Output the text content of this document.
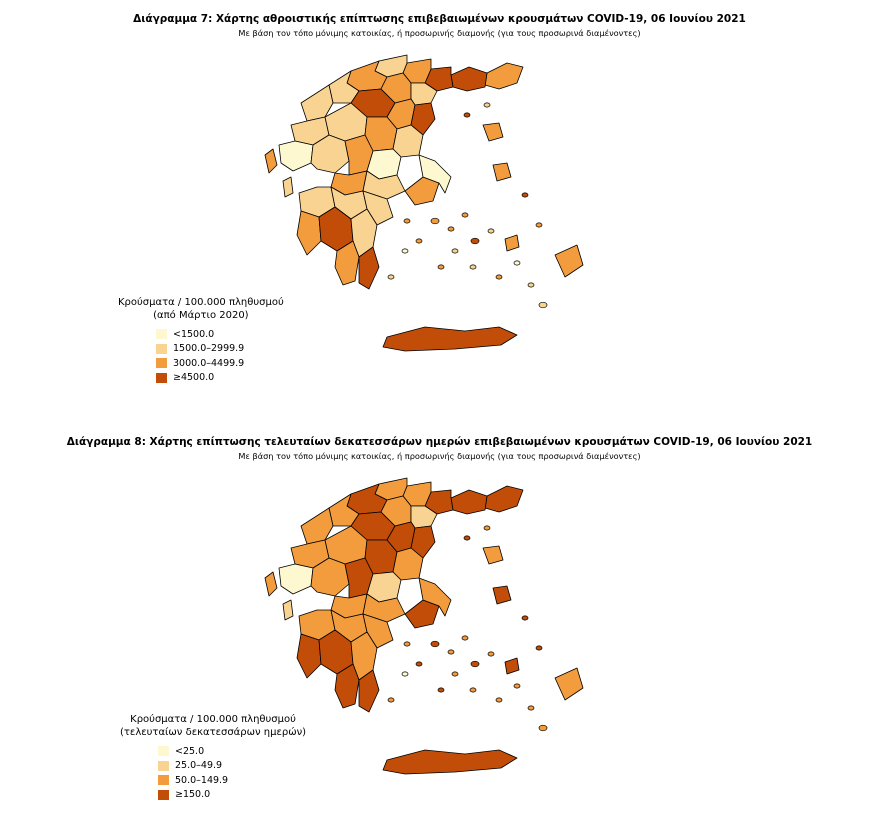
Διάγραμμα 7: Χάρτης αθροιστικής επίπτωσης επιβεβαιωμένων κρουσμάτων COVID-19, 06 Ιουνίου 2021
Με βάση τον τόπο μόνιμης κατοικίας, ή προσωρινής διαμονής (για τους προσωρινά διαμένοντες)
Κρούσματα / 100.000 πληθυσμού
(από Μάρτιο 2020)
<1500.0
1500.0–2999.9
3000.0–4499.9
≥4500.0
Διάγραμμα 8: Χάρτης επίπτωσης τελευταίων δεκατεσσάρων ημερών επιβεβαιωμένων κρουσμάτων COVID-19, 06 Ιουνίου 2021
Με βάση τον τόπο μόνιμης κατοικίας, ή προσωρινής διαμονής (για τους προσωρινά διαμένοντες)
Κρούσματα / 100.000 πληθυσμού
(τελευταίων δεκατεσσάρων ημερών)
<25.0
25.0–49.9
50.0–149.9
≥150.0
